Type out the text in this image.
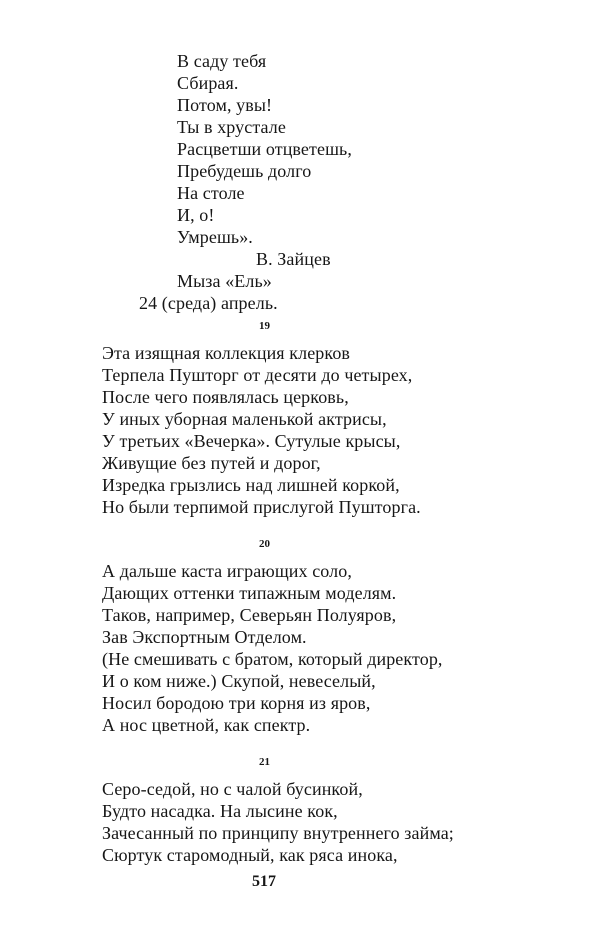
В саду тебя
Сбирая.
Потом, увы!
Ты в хрустале
Расцветши отцветешь,
Пребудешь долго
На столе
И, о!
Умрешь».
В. Зайцев
Мыза «Ель»
24 (среда) апрель.
19
Эта изящная коллекция клерков
Терпела Пушторг от десяти до четырех,
После чего появлялась церковь,
У иных уборная маленькой актрисы,
У третьих «Вечерка». Сутулые крысы,
Живущие без путей и дорог,
Изредка грызлись над лишней коркой,
Но были терпимой прислугой Пушторга.
20
А дальше каста играющих соло,
Дающих оттенки типажным моделям.
Таков, например, Северьян Полуяров,
Зав Экспортным Отделом.
(Не смешивать с братом, который директор,
И о ком ниже.) Скупой, невеселый,
Носил бородою три корня из яров,
А нос цветной, как спектр.
21
Серо-седой, но с чалой бусинкой,
Будто насадка. На лысине кок,
Зачесанный по принципу внутреннего займа;
Сюртук старомодный, как ряса инока,
517
